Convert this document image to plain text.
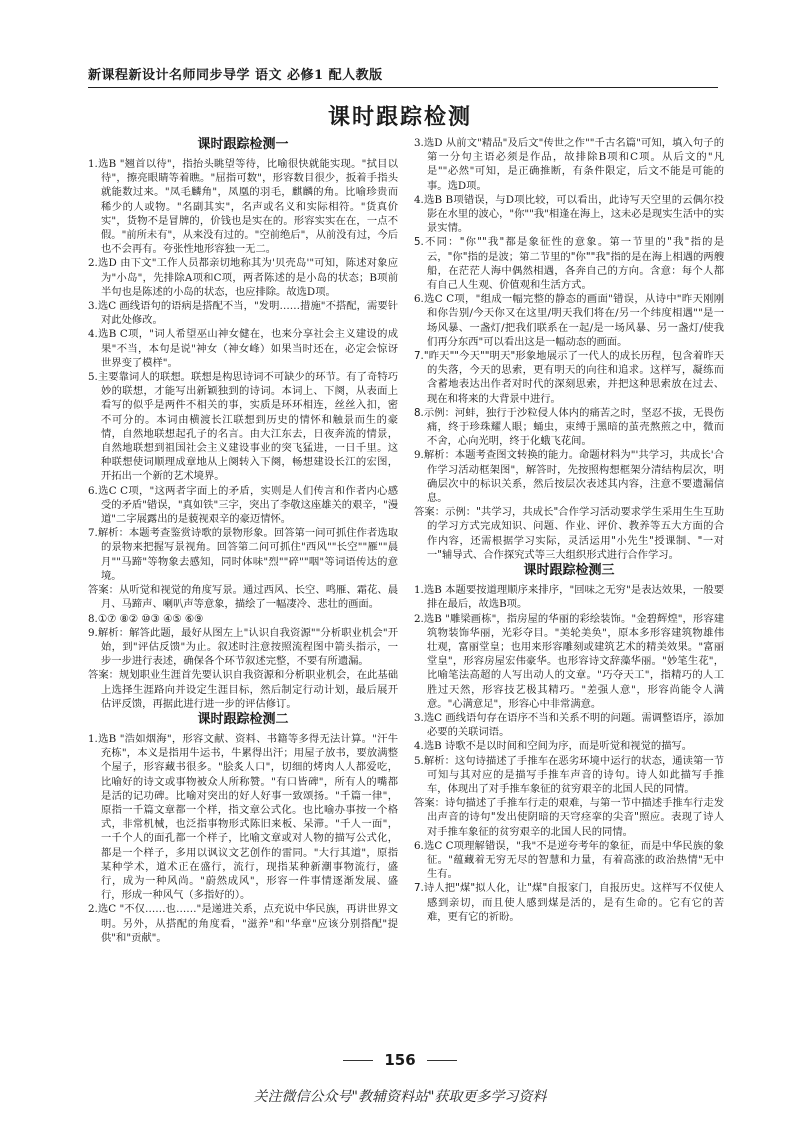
新课程新设计名师同步导学 语文 必修1 配人教版
课时跟踪检测
课时跟踪检测一

1.选B "翘首以待"，指抬头眺望等待，比喻很快就能实现。"拭目以待"，擦亮眼睛等着瞧。"屈指可数"，形容数目很少，扳着手指头就能数过来。"凤毛麟角"，凤凰的羽毛，麒麟的角。比喻珍贵而稀少的人或物。"名副其实"，名声或名义和实际相符。"货真价实"，货物不是冒牌的，价钱也是实在的。形容实实在在，一点不假。"前所未有"，从来没有过的。"空前绝后"，从前没有过，今后也不会再有。夸张性地形容独一无二。

2.选D 由下文"工作人员都亲切地称其为'贝壳岛'"可知，陈述对象应为"小岛"，先排除A项和C项，两者陈述的是小岛的状态；B项前半句也是陈述的小岛的状态，也应排除。故选D项。

3.选C 画线语句的语病是搭配不当，"发明……措施"不搭配，需要针对此处修改。

4.选B C项，"词人希望巫山神女健在，也来分享社会主义建设的成果"不当，本句是说"神女（神女峰）如果当时还在，必定会惊讶世界变了模样"。

5.主要靠词人的联想。联想是构思诗词不可缺少的环节。有了奇特巧妙的联想，才能写出新颖独到的诗词。本词上、下阕，从表面上看写的似乎是两件不相关的事，实质是环环相连，丝丝入扣，密不可分的。本词由横渡长江联想到历史的情怀和触景而生的豪情，自然地联想起孔子的名言。由大江东去，日夜奔流的情景，自然地联想到祖国社会主义建设事业的突飞猛进，一日千里。这种联想使词顺理成章地从上阕转入下阕，畅想建设长江的宏图，开拓出一个新的艺术境界。

6.选C C项，"这两者字面上的矛盾，实则是人们传言和作者内心感受的矛盾"错误，"真如铁"三字，突出了李敬这座雄关的艰辛，"漫道"二字展露出的是藐视艰辛的豪迈情怀。

7.解析：本题考查鉴赏诗歌的景物形象。回答第一问可抓住作者选取的景物来把握写景视角。回答第二问可抓住"西风""长空""雁""晨月""马蹄"等物象去感知，同时体味"烈""碎""咽"等词语传达的意境。

答案：从听觉和视觉的角度写景。通过西风、长空、鸣雁、霜花、晨月、马蹄声、喇叭声等意象，描绘了一幅凄冷、悲壮的画面。

8.①⑦ ⑧② ⑩③ ④⑤ ⑥⑨

9.解析：解答此题，最好从图左上"认识自我资源""分析职业机会"开始，到"评估反馈"为止。叙述时注意按照流程图中箭头指示，一步一步进行表述，确保各个环节叙述完整，不要有所遗漏。

答案：规划职业生涯首先要认识自我资源和分析职业机会，在此基础上选择生涯路向并设定生涯目标，然后制定行动计划，最后展开估评反馈，再据此进行进一步的评估修订。

课时跟踪检测二

1.选B "浩如烟海"，形容文献、资料、书籍等多得无法计算。"汗牛充栋"，本义是指用牛运书，牛累得出汗；用屋子放书，要放满整个屋子，形容藏书很多。"脍炙人口"，切细的烤肉人人都爱吃，比喻好的诗文或事物被众人所称赞。"有口皆碑"，所有人的嘴都是活的记功碑。比喻对突出的好人好事一致颂扬。"千篇一律"，原指一千篇文章都一个样，指文章公式化。也比喻办事按一个格式，非常机械，也泛指事物形式陈旧来板、呆滞。"千人一面"，一千个人的面孔都一个样子，比喻文章或对人物的描写公式化，都是一个样子，多用以讽议文艺创作的雷同。"大行其道"，原指某种学术，道术正在盛行，流行，现指某种新潮事物流行，盛行，成为一种风尚。"蔚然成风"，形容一件事情逐渐发展、盛行，形成一种风气（多指好的）。

2.选C "不仅……也……"是递进关系，点充说中华民族，再讲世界文明。另外，从搭配的角度看，"滋养"和"华章"应该分别搭配"提供"和"贡献"。

3.选D 从前文"精品"及后文"传世之作""千古名篇"可知，填入句子的第一分句主语必须是作品，故排除B项和C项。从后文的"凡是""必然"可知，是正确推断，有条件限定，后文不能是可能的事。选D项。

4.选B B项错误，与D项比较，可以看出，此诗写天空里的云偶尔投影在水里的波心，"你""我"相逢在海上，这未必是现实生活中的实景实情。

5.不同："你""我"都是象征性的意象。第一节里的"我"指的是云，"你"指的是波；第二节里的"你""我"指的是在海上相遇的两艘船，在茫茫人海中偶然相遇，各奔自己的方向。含意：每个人都有自己人生观、价值观和生活方式。

6.选C C项，"组成一幅完整的静态的画面"错误，从诗中"昨天刚刚和你告别/今天你又在这里/明天我们将在/另一个纬度相遇""是一场风暴、一盏灯/把我们联系在一起/是一场风暴、另一盏灯/使我们再分东西"可以看出这是一幅动态的画面。

7."昨天""今天""明天"形象地展示了一代人的成长历程，包含着昨天的失落，今天的思索，更有明天的向往和追求。这样写，凝练而含蓄地表达出作者对时代的深刻思索，并把这种思索放在过去、现在和将来的大背景中进行。

8.示例：河蚌，独行于沙粒侵人体内的痛苦之时，坚忍不拔，无畏伤痛，终于珍珠耀人眼；蛹虫，束缚于黑暗的茧壳熬煎之中，微而不舍，心向光明，终于化蛾飞花间。

9.解析：本题考查图文转换的能力。命题材料为"'共学习，共成长'合作学习活动框架图"，解答时，先按照构想框架分清结构层次，明确层次中的标识关系，然后按层次表述其内容，注意不要遗漏信息。

答案：示例："共学习，共成长"合作学习活动要求学生采用生生互助的学习方式完成知识、问题、作业、评价、教养等五大方面的合作内容，还需根据学习实际，灵活运用"小先生"授课制、"一对一"辅导式、合作探究式等三大组织形式进行合作学习。

课时跟踪检测三

1.选B 本题要按道理顺序来排序，"回味之无穷"是表达效果，一般要排在最后，故选B项。

2.选B "雕梁画栋"，指房屋的华丽的彩绘装饰。"金碧辉煌"，形容建筑物装饰华丽，光彩夺目。"美轮美奂"，原本多形容建筑物雄伟壮观，富丽堂皇；也用来形容雕刻或建筑艺术的精美效果。"富丽堂皇"，形容房屋宏伟豪华。也形容诗文辞藻华丽。"妙笔生花"，比喻笔法高超的人写出动人的文章。"巧夺天工"，指精巧的人工胜过天然，形容技艺极其精巧。"差强人意"，形容尚能令人满意。"心满意足"，形容心中非常满意。

3.选C 画线语句存在语序不当和关系不明的问题。需调整语序，添加必要的关联词语。

4.选B 诗歌不是以时间和空间为序，而是听觉和视觉的描写。

5.解析：这句诗描述了手推车在恶劣环境中运行的状态，通读第一节可知与其对应的是描写手推车声音的诗句。诗人如此描写手推车，体现出了对手推车象征的贫穷艰辛的北国人民的同情。

答案：诗句描述了手推车行走的艰难，与第一节中描述手推车行走发出声音的诗句"发出使阴暗的天穹痉挛的尖音"照应。表现了诗人对手推车象征的贫穷艰辛的北国人民的同情。

6.选C C项理解错误，"我"不是逆夸考年的象征，而是中华民族的象征。"蕴藏着无穷无尽的智慧和力量，有着高涨的政治热情"无中生有。

7.诗人把"煤"拟人化，让"煤"自报家门，自报历史。这样写不仅使人感到亲切，而且使人感到煤是活的，是有生命的。它有它的苦难，更有它的祈盼。

156
关注微信公众号"教辅资料站"获取更多学习资料
